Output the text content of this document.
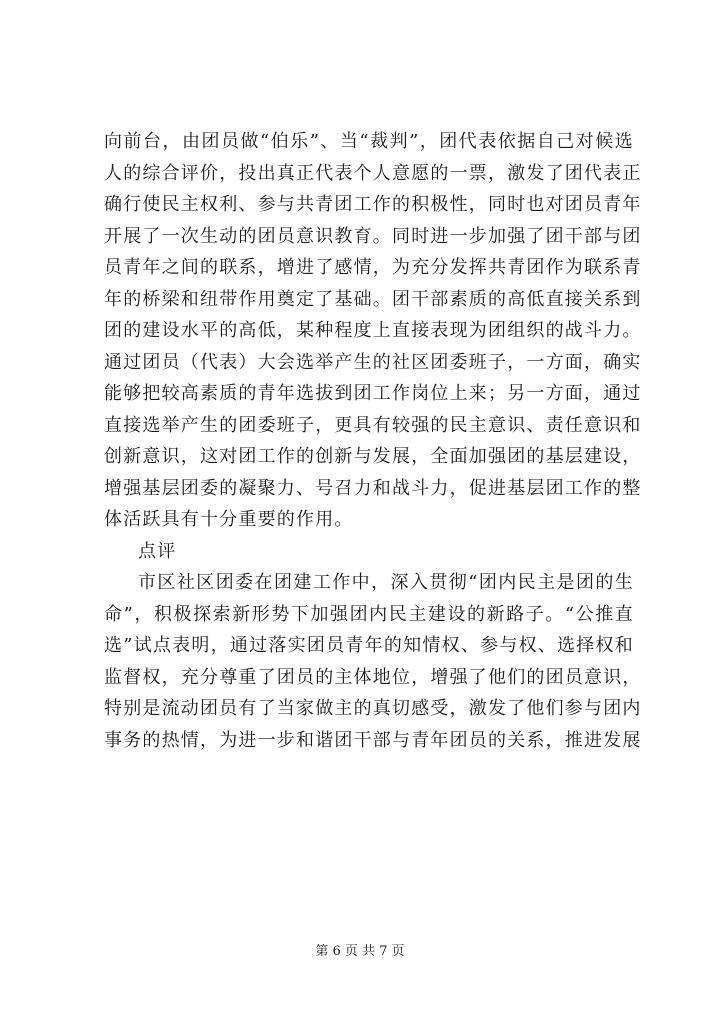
向前台，由团员做“伯乐”、当“裁判”，团代表依据自己对候选
人的综合评价，投出真正代表个人意愿的一票，激发了团代表正
确行使民主权利、参与共青团工作的积极性，同时也对团员青年
开展了一次生动的团员意识教育。同时进一步加强了团干部与团
员青年之间的联系，增进了感情，为充分发挥共青团作为联系青
年的桥梁和纽带作用奠定了基础。团干部素质的高低直接关系到
团的建设水平的高低，某种程度上直接表现为团组织的战斗力。
通过团员（代表）大会选举产生的社区团委班子，一方面，确实
能够把较高素质的青年选拔到团工作岗位上来；另一方面，通过
直接选举产生的团委班子，更具有较强的民主意识、责任意识和
创新意识，这对团工作的创新与发展，全面加强团的基层建设，
增强基层团委的凝聚力、号召力和战斗力，促进基层团工作的整
体活跃具有十分重要的作用。
点评
市区社区团委在团建工作中，深入贯彻“团内民主是团的生
命”，积极探索新形势下加强团内民主建设的新路子。“公推直
选”试点表明，通过落实团员青年的知情权、参与权、选择权和
监督权，充分尊重了团员的主体地位，增强了他们的团员意识，
特别是流动团员有了当家做主的真切感受，激发了他们参与团内
事务的热情，为进一步和谐团干部与青年团员的关系，推进发展
第 6 页 共 7 页
